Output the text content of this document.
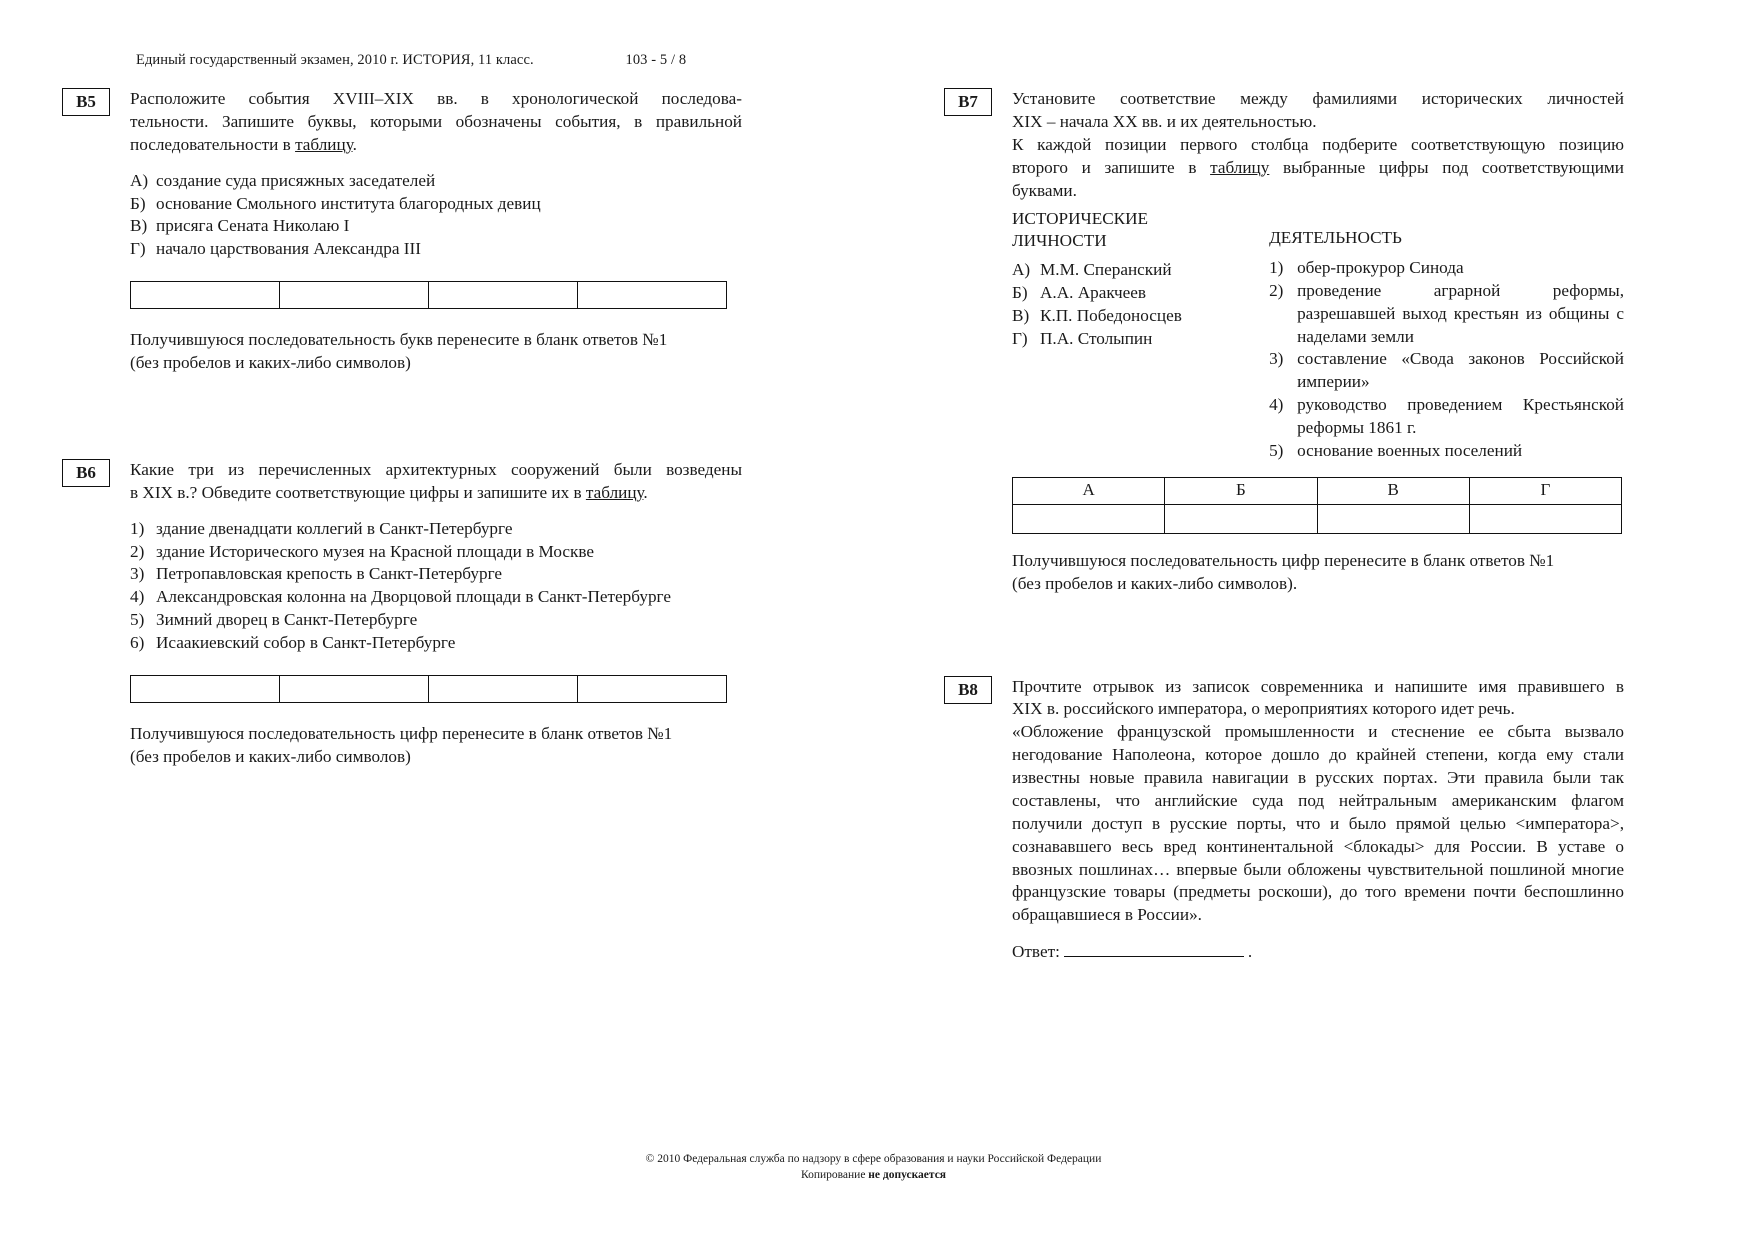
Единый государственный экзамен, 2010 г. ИСТОРИЯ, 11 класс.	103 - 5 / 8
B5	Расположите события XVIII–XIX вв. в хронологической последова-

тельности. Запишите буквы, которыми обозначены события, в правильной

последовательности в таблицу.

А) создание суда присяжных заседателей
Б) основание Смольного института благородных девиц
В) присяга Сената Николаю I
Г) начало царствования Александра III

Получившуюся последовательность букв перенесите в бланк ответов №1

(без пробелов и каких-либо символов)

B6	Какие три из перечисленных архитектурных сооружений были возведены

в XIX в.? Обведите соответствующие цифры и запишите их в таблицу.

1) здание двенадцати коллегий в Санкт-Петербурге
2) здание Исторического музея на Красной площади в Москве
3) Петропавловская крепость в Санкт-Петербурге
4) Александровская колонна на Дворцовой площади в Санкт-Петербурге
5) Зимний дворец в Санкт-Петербурге
6) Исаакиевский собор в Санкт-Петербурге

Получившуюся последовательность цифр перенесите в бланк ответов №1

(без пробелов и каких-либо символов)

B7	Установите соответствие между фамилиями исторических личностей

XIX – начала XX вв. и их деятельностью.

К каждой позиции первого столбца подберите соответствующую позицию

второго и запишите в таблицу выбранные цифры под соответствующими

буквами.

ИСТОРИЧЕСКИЕ
ЛИЧНОСТИ
А) М.М. Сперанский
Б) А.А. Аракчеев
В) К.П. Победоносцев
Г) П.А. Столыпин
ДЕЯТЕЛЬНОСТЬ
1) обер-прокурор Синода
2) проведение аграрной реформы, разрешавшей выход крестьян из общины с наделами земли
3) составление «Свода законов Российской империи»
4) руководство проведением Крестьянской реформы 1861 г.
5) основание военных поселений
А	Б	В	Г

Получившуюся последовательность цифр перенесите в бланк ответов №1

(без пробелов и каких-либо символов).

B8	Прочтите отрывок из записок современника и напишите имя правившего в

XIX в. российского императора, о мероприятиях которого идет речь.

«Обложение французской промышленности и стеснение ее сбыта вызвало негодование Наполеона, которое дошло до крайней степени, когда ему стали известны новые правила навигации в русских портах. Эти правила были так составлены, что английские суда под нейтральным американским флагом получили доступ в русские порты, что и было прямой целью <императора>, сознававшего весь вред континентальной <блокады> для России. В уставе о ввозных пошлинах… впервые были обложены чувствительной пошлиной многие французские товары (предметы роскоши), до того времени почти беспошлинно обращавшиеся в России».

Ответ:	.
© 2010 Федеральная служба по надзору в сфере образования и науки Российской Федерации
Копирование не допускается
